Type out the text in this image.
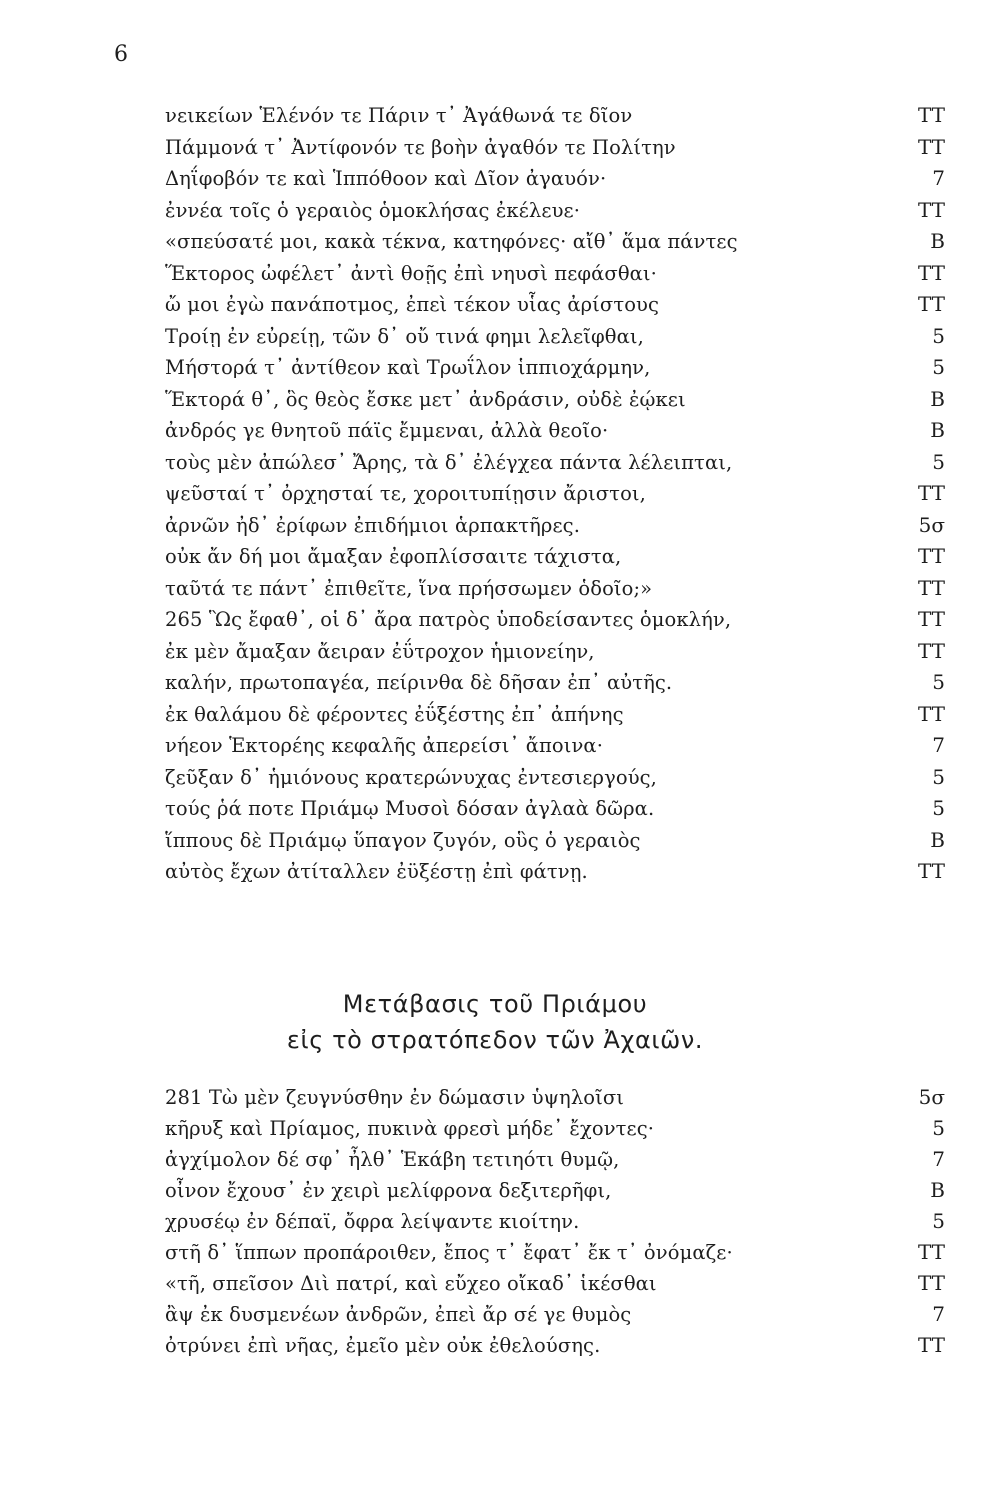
6
νεικείων Ἑλένόν τε Πάριν τ᾽ Ἀγάθωνά τε δῖον	TT
Πάμμονά τ᾽ Ἀντίφονόν τε βοὴν ἀγαθόν τε Πολίτην	TT
Δηΐφοβόν τε καὶ Ἱππόθοον καὶ Δῖον ἀγαυόν·	7
ἐννέα τοῖς ὁ γεραιὸς ὁμοκλήσας ἐκέλευε·	TT
«σπεύσατέ μοι, κακὰ τέκνα, κατηφόνες· αἴθ᾽ ἅμα πάντες	B
Ἕκτορος ὠφέλετ᾽ ἀντὶ θοῇς ἐπὶ νηυσὶ πεφάσθαι·	TT
ὤ μοι ἐγὼ πανάποτμος, ἐπεὶ τέκον υἷας ἀρίστους	TT
Τροίῃ ἐν εὐρείῃ, τῶν δ᾽ οὔ τινά φημι λελεῖφθαι,	5
Μήστορά τ᾽ ἀντίθεον καὶ Τρωΐλον ἱππιοχάρμην,	5
Ἕκτορά θ᾽, ὃς θεὸς ἔσκε μετ᾽ ἀνδράσιν, οὐδὲ ἐῴκει	B
ἀνδρός γε θνητοῦ πάϊς ἔμμεναι, ἀλλὰ θεοῖο·	B
τοὺς μὲν ἀπώλεσ᾽ Ἄρης, τὰ δ᾽ ἐλέγχεα πάντα λέλειπται,	5
ψεῦσταί τ᾽ ὀρχησταί τε, χοροιτυπίῃσιν ἄριστοι,	TT
ἀρνῶν ἠδ᾽ ἐρίφων ἐπιδήμιοι ἁρπακτῆρες.	5σ
οὐκ ἄν δή μοι ἄμαξαν ἐφοπλίσσαιτε τάχιστα,	TT
ταῦτά τε πάντ᾽ ἐπιθεῖτε, ἵνα πρήσσωμεν ὁδοῖο;»	TT
265 Ὣς ἔφαθ᾽, οἱ δ᾽ ἄρα πατρὸς ὑποδείσαντες ὁμοκλήν,	TT
ἐκ μὲν ἄμαξαν ἄειραν ἐΰτροχον ἡμιονείην,	TT
καλήν, πρωτοπαγέα, πείρινθα δὲ δῆσαν ἐπ᾽ αὐτῆς.	5
ἐκ θαλάμου δὲ φέροντες ἐΰξέστης ἐπ᾽ ἀπήνης	TT
νήεον Ἑκτορέης κεφαλῆς ἀπερείσι᾽ ἄποινα·	7
ζεῦξαν δ᾽ ἡμιόνους κρατερώνυχας ἐντεσιεργούς,	5
τούς ῥά ποτε Πριάμῳ Μυσοὶ δόσαν ἀγλαὰ δῶρα.	5
ἵππους δὲ Πριάμῳ ὕπαγον ζυγόν, οὓς ὁ γεραιὸς	B
αὐτὸς ἔχων ἀτίταλλεν ἐϋξέστῃ ἐπὶ φάτνῃ.	TT
Μετάβασις τοῦ Πριάμου
εἰς τὸ στρατόπεδον τῶν Ἀχαιῶν.
281 Τὼ μὲν ζευγνύσθην ἐν δώμασιν ὑψηλοῖσι	5σ
κῆρυξ καὶ Πρίαμος, πυκινὰ φρεσὶ μήδε᾽ ἔχοντες·	5
ἀγχίμολον δέ σφ᾽ ἦλθ᾽ Ἑκάβη τετιηότι θυμῷ,	7
οἶνον ἔχουσ᾽ ἐν χειρὶ μελίφρονα δεξιτερῆφι,	B
χρυσέῳ ἐν δέπαϊ, ὄφρα λείψαντε κιοίτην.	5
στῆ δ᾽ ἵππων προπάροιθεν, ἔπος τ᾽ ἔφατ᾽ ἔκ τ᾽ ὀνόμαζε·	TT
«τῆ, σπεῖσον Διὶ πατρί, καὶ εὔχεο οἴκαδ᾽ ἱκέσθαι	TT
ἂψ ἐκ δυσμενέων ἀνδρῶν, ἐπεὶ ἄρ σέ γε θυμὸς	7
ὀτρύνει ἐπὶ νῆας, ἐμεῖο μὲν οὐκ ἐθελούσης.	TT
